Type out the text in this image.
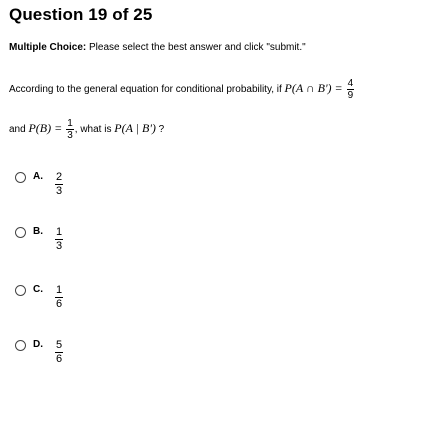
Question 19 of 25
Multiple Choice: Please select the best answer and click "submit."
According to the general equation for conditional probability, if P(A ∩ $B') = \frac{4}{9}$
and $P(B) = \frac{1}{3}$ , what is P(A | B') ?
A. 2
3
B. 1
3
C. 1
6
D. 5
6
